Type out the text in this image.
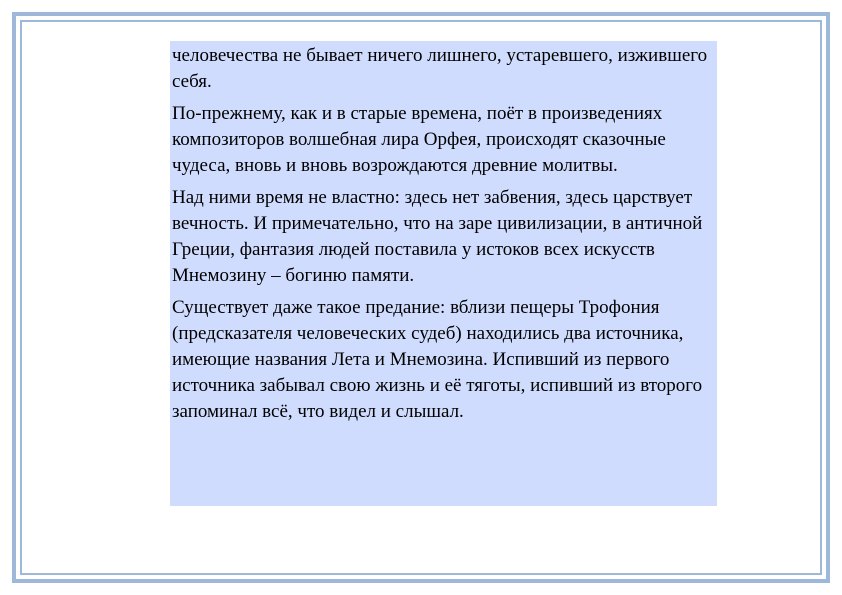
человечества не бывает ничего лишнего, устаревшего, изжившего себя.

По-прежнему, как и в старые времена, поёт в произведениях композиторов волшебная лира Орфея, происходят сказочные чудеса, вновь и вновь возрождаются древние молитвы.

Над ними время не властно: здесь нет забвения, здесь царствует вечность. И примечательно, что на заре цивилизации, в античной Греции, фантазия людей поставила у истоков всех искусств Мнемозину – богиню памяти.

Существует даже такое предание: вблизи пещеры Трофония (предсказателя человеческих судеб) находились два источника, имеющие названия Лета и Мнемозина. Испивший из первого источника забывал свою жизнь и её тяготы, испивший из второго запоминал всё, что видел и слышал.
